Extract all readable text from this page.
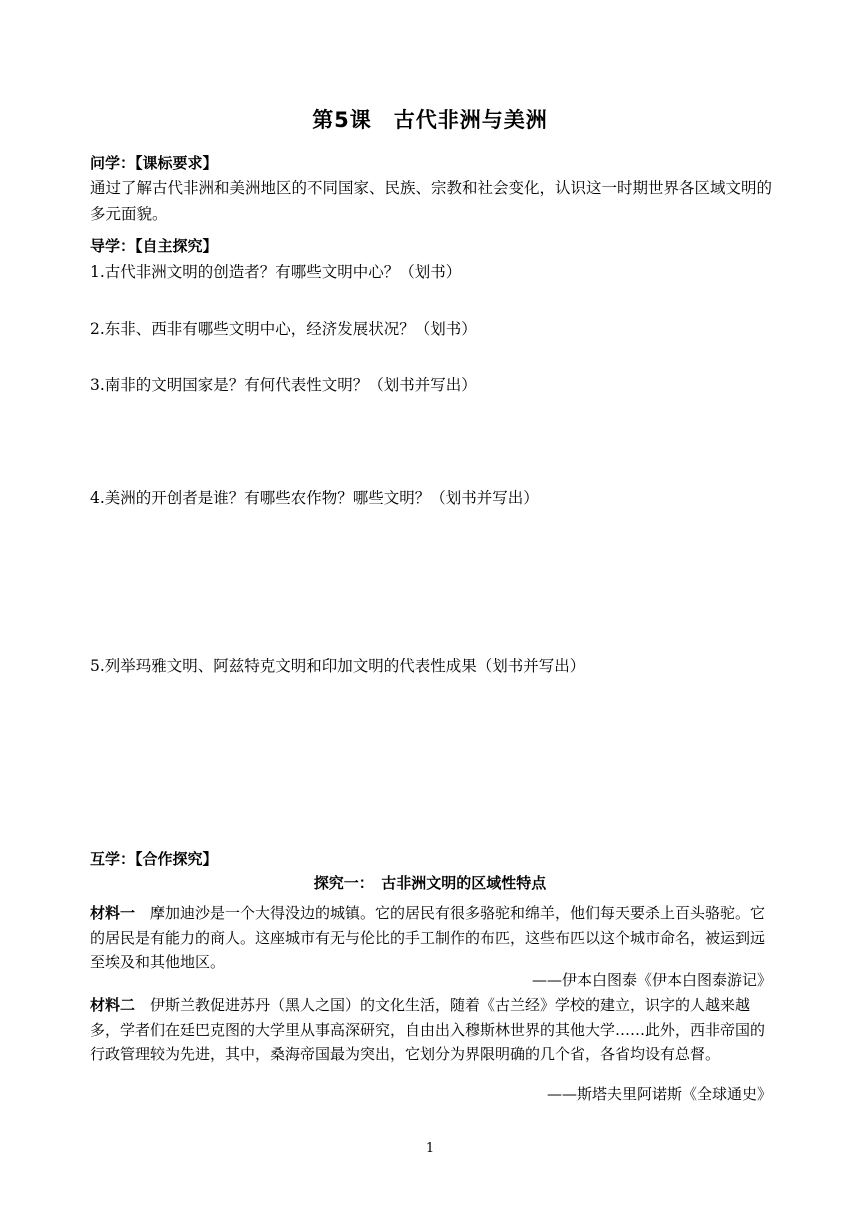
第5课　古代非洲与美洲
问学：【课标要求】
通过了解古代非洲和美洲地区的不同国家、民族、宗教和社会变化，认识这一时期世界各区域文明的多元面貌。
导学：【自主探究】
1.古代非洲文明的创造者？有哪些文明中心？（划书）
2.东非、西非有哪些文明中心，经济发展状况？（划书）
3.南非的文明国家是？有何代表性文明？（划书并写出）
4.美洲的开创者是谁？有哪些农作物？哪些文明？（划书并写出）
5.列举玛雅文明、阿兹特克文明和印加文明的代表性成果（划书并写出）
互学：【合作探究】
探究一：　古非洲文明的区域性特点
材料一　摩加迪沙是一个大得没边的城镇。它的居民有很多骆驼和绵羊，他们每天要杀上百头骆驼。它的居民是有能力的商人。这座城市有无与伦比的手工制作的布匹，这些布匹以这个城市命名，被运到远至埃及和其他地区。
——伊本白图泰《伊本白图泰游记》
材料二　伊斯兰教促进苏丹（黑人之国）的文化生活，随着《古兰经》学校的建立，识字的人越来越多，学者们在廷巴克图的大学里从事高深研究，自由出入穆斯林世界的其他大学……此外，西非帝国的行政管理较为先进，其中，桑海帝国最为突出，它划分为界限明确的几个省，各省均设有总督。
——斯塔夫里阿诺斯《全球通史》
1
